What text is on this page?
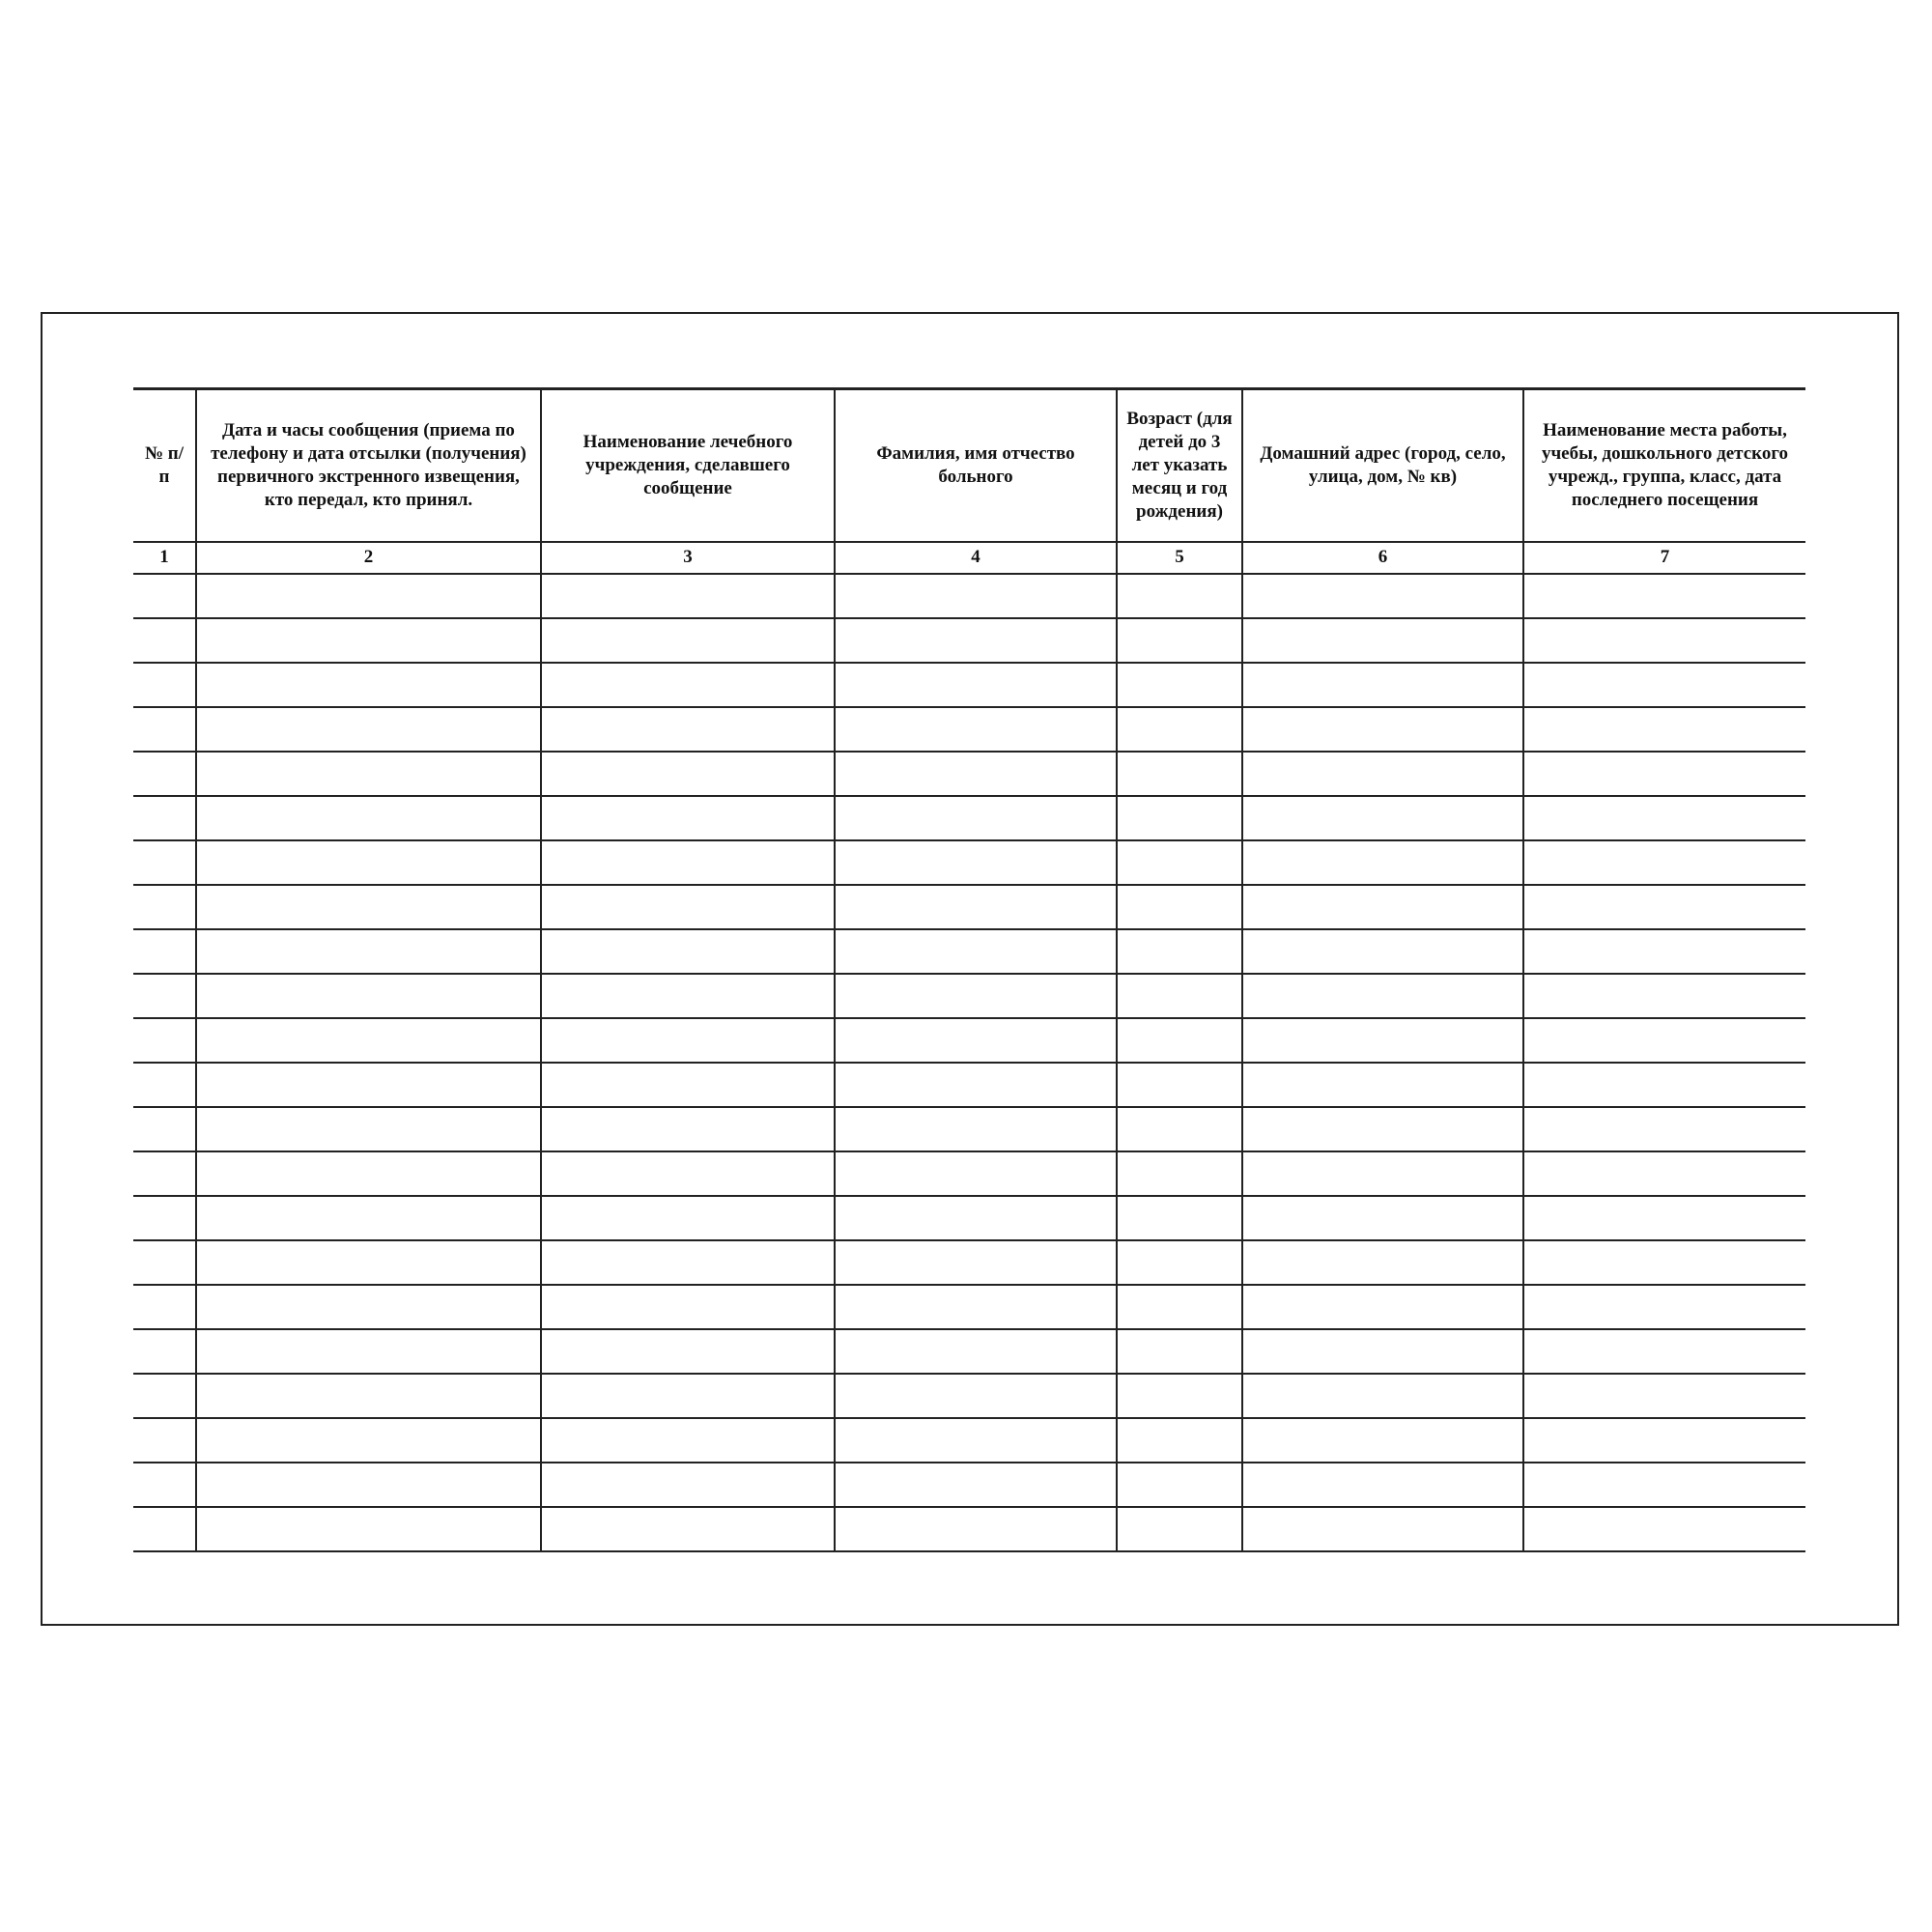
№ п/п	Дата и часы сообщения (приема по телефону и дата отсылки (получения) первичного экстренного извещения, кто передал, кто принял.	Наименование лечебного учреждения, сделавшего сообщение	Фамилия, имя отчество больного	Возраст (для детей до 3 лет указать месяц и год рождения)	Домашний адрес (город, село, улица, дом, № кв)	Наименование места работы, учебы, дошкольного детского учрежд., группа, класс, дата последнего посещения
1	2	3	4	5	6	7
